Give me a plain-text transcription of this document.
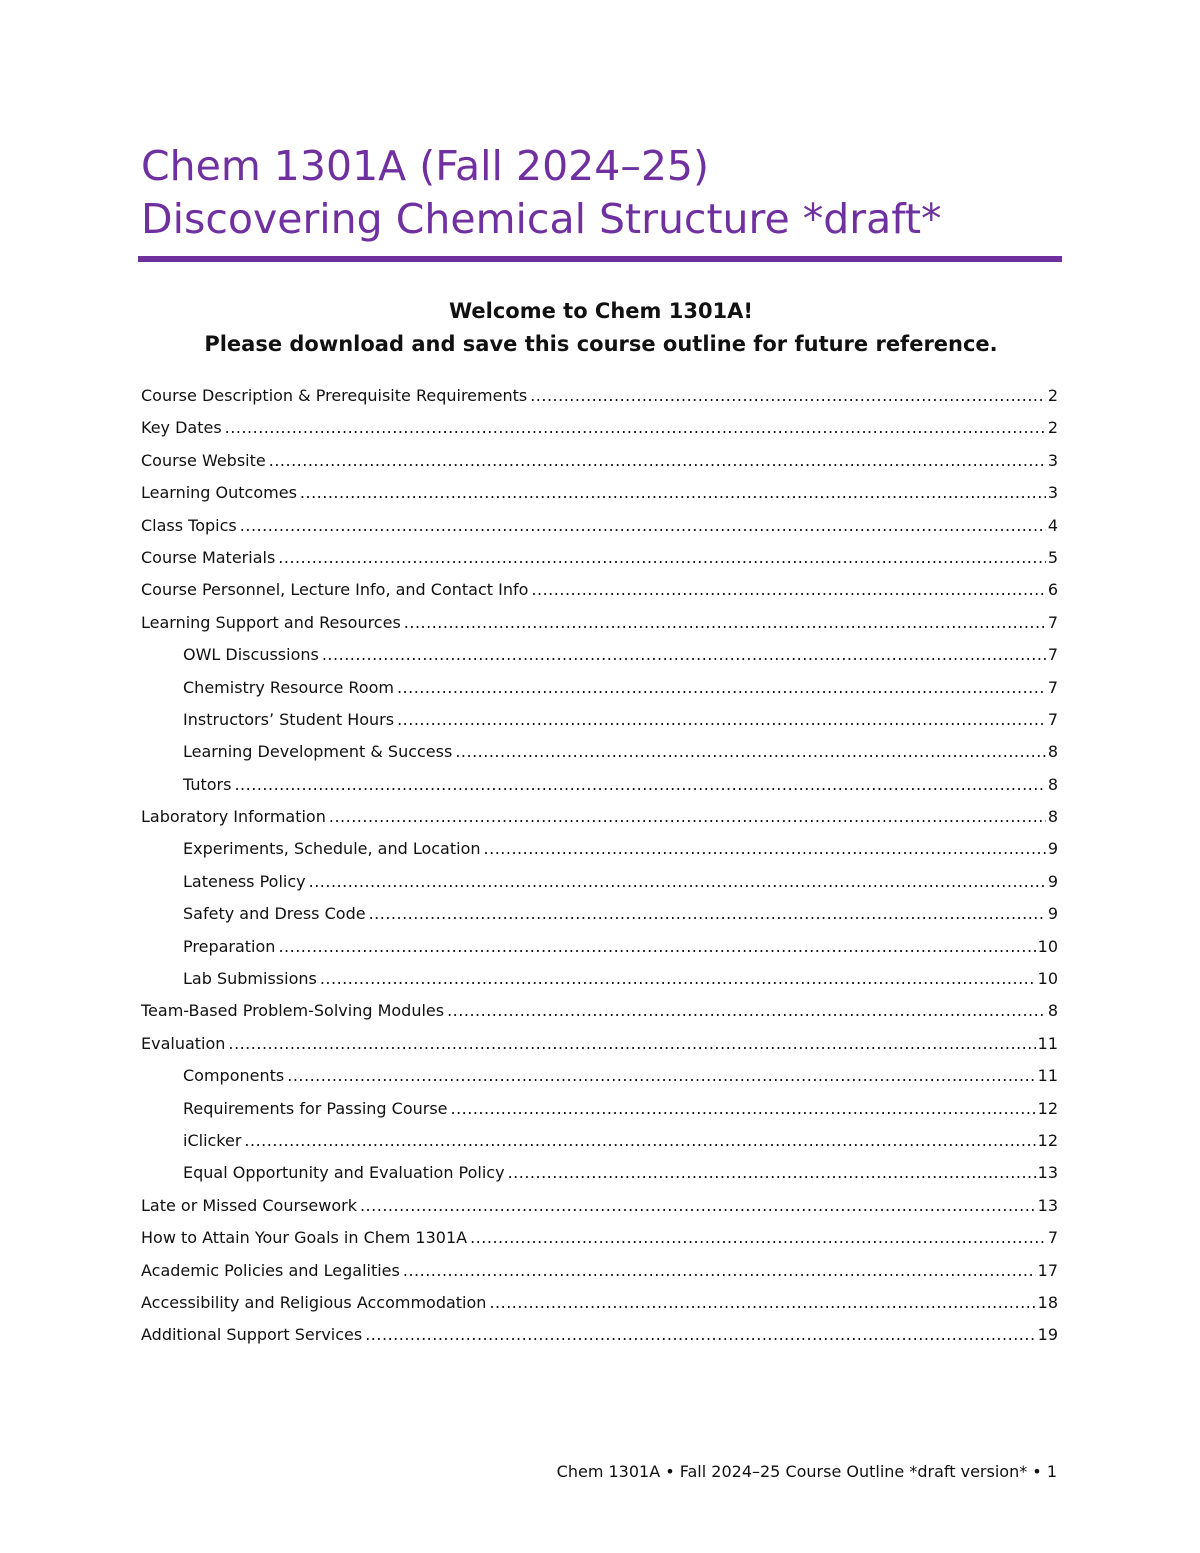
Chem 1301A (Fall 2024–25)
Discovering Chemical Structure *draft*
Welcome to Chem 1301A!
Please download and save this course outline for future reference.
Course Description & Prerequisite Requirements .....	2
Key Dates .....	2
Course Website .....	3
Learning Outcomes .....	3
Class Topics .....	4
Course Materials .....	5
Course Personnel, Lecture Info, and Contact Info .....	6
Learning Support and Resources .....	7
OWL Discussions .....	7
Chemistry Resource Room .....	7
Instructors’ Student Hours .....	7
Learning Development & Success .....	8
Tutors .....	8
Laboratory Information .....	8
Experiments, Schedule, and Location .....	9
Lateness Policy .....	9
Safety and Dress Code .....	9
Preparation .....	10
Lab Submissions .....	10
Team-Based Problem-Solving Modules .....	8
Evaluation .....	11
Components .....	11
Requirements for Passing Course .....	12
iClicker .....	12
Equal Opportunity and Evaluation Policy .....	13
Late or Missed Coursework .....	13
How to Attain Your Goals in Chem 1301A .....	7
Academic Policies and Legalities .....	17
Accessibility and Religious Accommodation .....	18
Additional Support Services .....	19
Chem 1301A • Fall 2024–25 Course Outline *draft version* • 1
